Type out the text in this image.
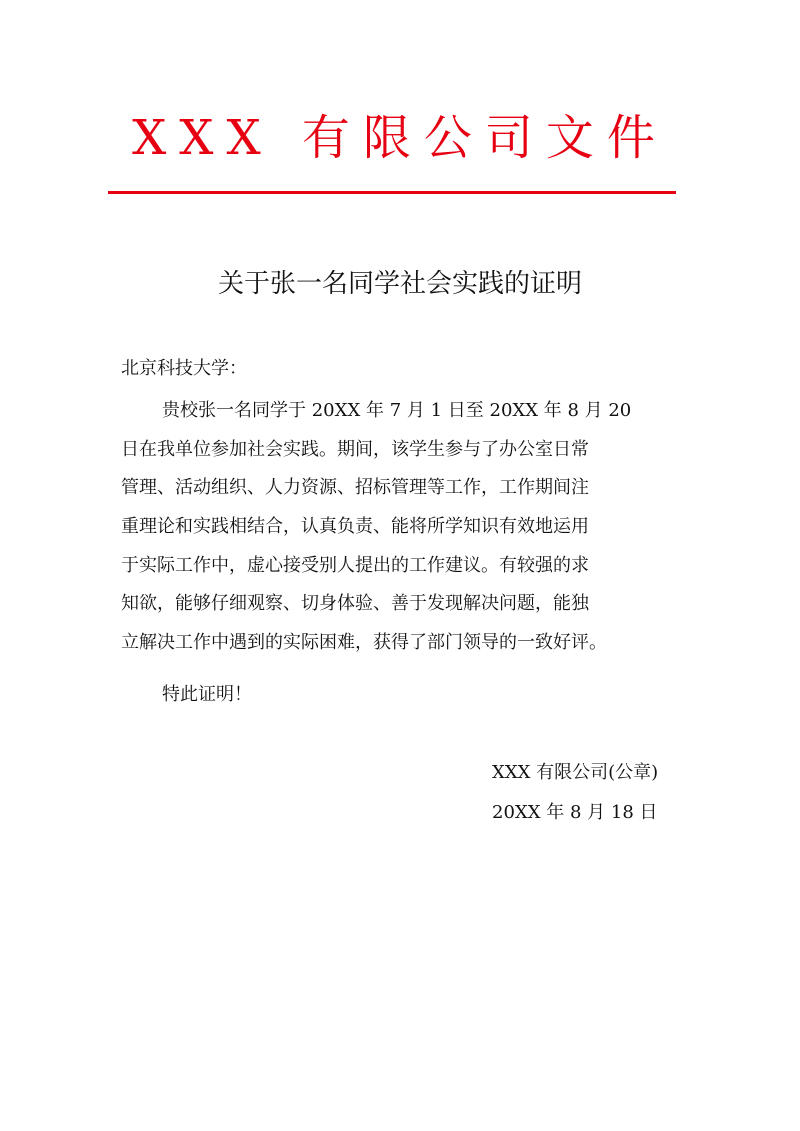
XXX 有限公司文件
关于张一名同学社会实践的证明
北京科技大学：
贵校张一名同学于 20XX 年 7 月 1 日至 20XX 年 8 月 20
日在我单位参加社会实践。期间，该学生参与了办公室日常
管理、活动组织、人力资源、招标管理等工作，工作期间注
重理论和实践相结合，认真负责、能将所学知识有效地运用
于实际工作中，虚心接受别人提出的工作建议。有较强的求
知欲，能够仔细观察、切身体验、善于发现解决问题，能独
立解决工作中遇到的实际困难，获得了部门领导的一致好评。
特此证明！
XXX 有限公司(公章)
20XX 年 8 月 18 日
